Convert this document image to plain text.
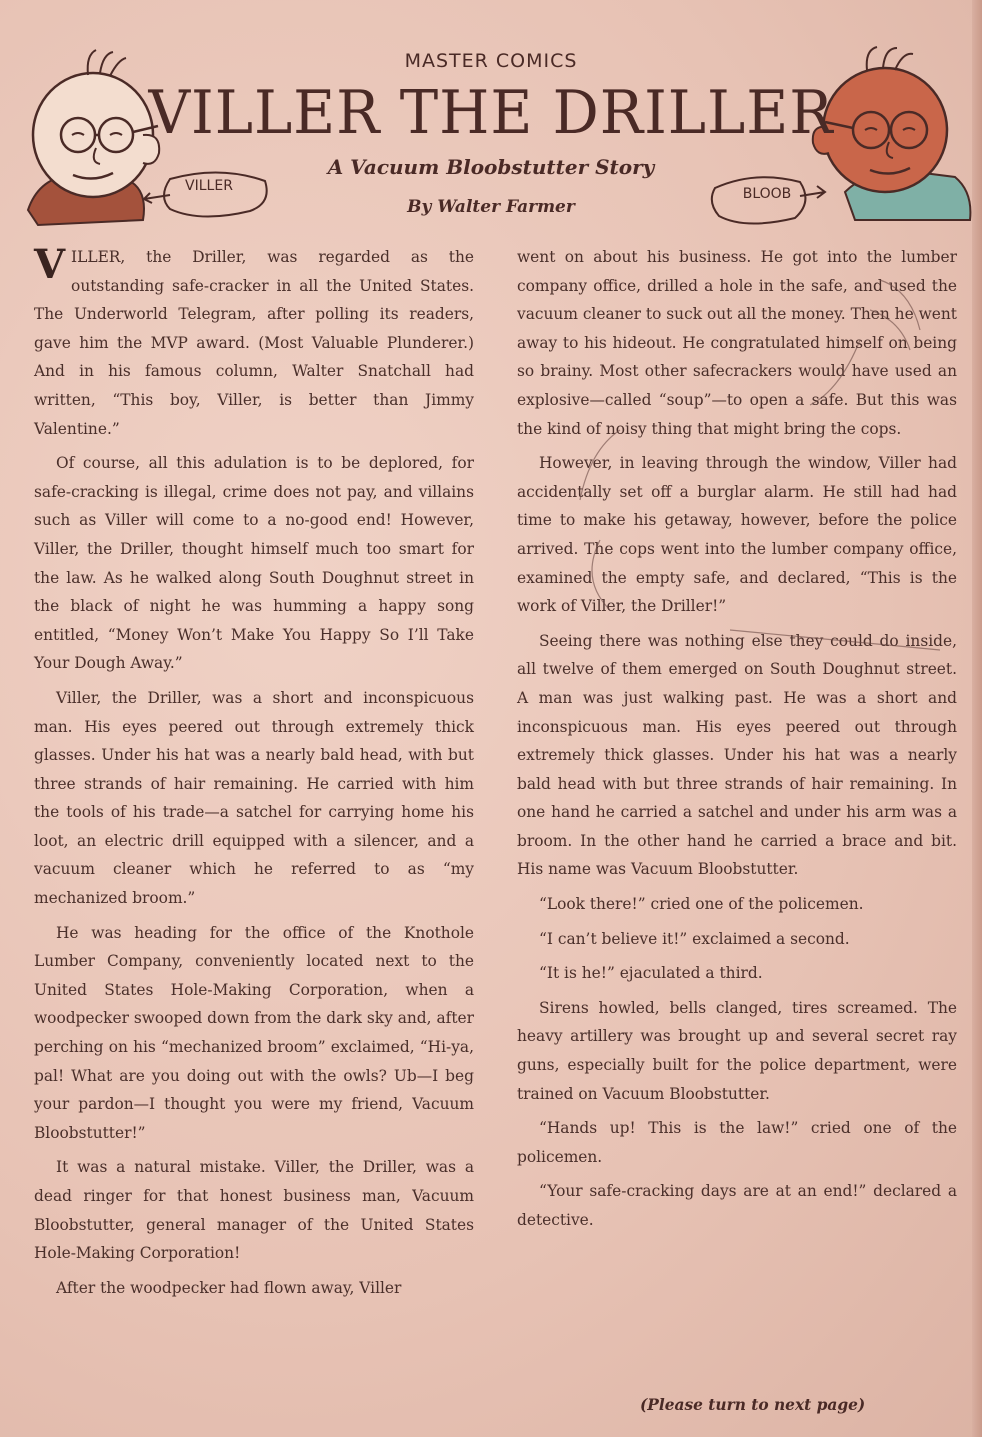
VILLER	BLOOB
MASTER COMICS
VILLER THE DRILLER
A Vacuum Bloobstutter Story
By Walter Farmer

VILLER, the Driller, was regarded as the outstanding safe-cracker in all the United States. The Underworld Telegram, after polling its readers, gave him the MVP award. (Most Valuable Plunderer.) And in his famous column, Walter Snatchall had written, “This boy, Viller, is better than Jimmy Valentine.”

Of course, all this adulation is to be deplored, for safe-cracking is illegal, crime does not pay, and villains such as Viller will come to a no-good end! However, Viller, the Driller, thought himself much too smart for the law. As he walked along South Doughnut street in the black of night he was humming a happy song entitled, “Money Won’t Make You Happy So I’ll Take Your Dough Away.”

Viller, the Driller, was a short and inconspicuous man. His eyes peered out through extremely thick glasses. Under his hat was a nearly bald head, with but three strands of hair remaining. He carried with him the tools of his trade—a satchel for carrying home his loot, an electric drill equipped with a silencer, and a vacuum cleaner which he referred to as “my mechanized broom.”

He was heading for the office of the Knothole Lumber Company, conveniently located next to the United States Hole-Making Corporation, when a woodpecker swooped down from the dark sky and, after perching on his “mechanized broom” exclaimed, “Hi-ya, pal! What are you doing out with the owls? Ub—I beg your pardon—I thought you were my friend, Vacuum Bloobstutter!”

It was a natural mistake. Viller, the Driller, was a dead ringer for that honest business man, Vacuum Bloobstutter, general manager of the United States Hole-Making Corporation!

After the woodpecker had flown away, Viller

went on about his business. He got into the lumber company office, drilled a hole in the safe, and used the vacuum cleaner to suck out all the money. Then he went away to his hideout. He congratulated himself on being so brainy. Most other safecrackers would have used an explosive—called “soup”—to open a safe. But this was the kind of noisy thing that might bring the cops.

However, in leaving through the window, Viller had accidentally set off a burglar alarm. He still had had time to make his getaway, however, before the police arrived. The cops went into the lumber company office, examined the empty safe, and declared, “This is the work of Viller, the Driller!”

Seeing there was nothing else they could do inside, all twelve of them emerged on South Doughnut street. A man was just walking past. He was a short and inconspicuous man. His eyes peered out through extremely thick glasses. Under his hat was a nearly bald head with but three strands of hair remaining. In one hand he carried a satchel and under his arm was a broom. In the other hand he carried a brace and bit. His name was Vacuum Bloobstutter.

“Look there!” cried one of the policemen.

“I can’t believe it!” exclaimed a second.

“It is he!” ejaculated a third.

Sirens howled, bells clanged, tires screamed. The heavy artillery was brought up and several secret ray guns, especially built for the police department, were trained on Vacuum Bloobstutter.

“Hands up! This is the law!” cried one of the policemen.

“Your safe-cracking days are at an end!” declared a detective.

(Please turn to next page)
